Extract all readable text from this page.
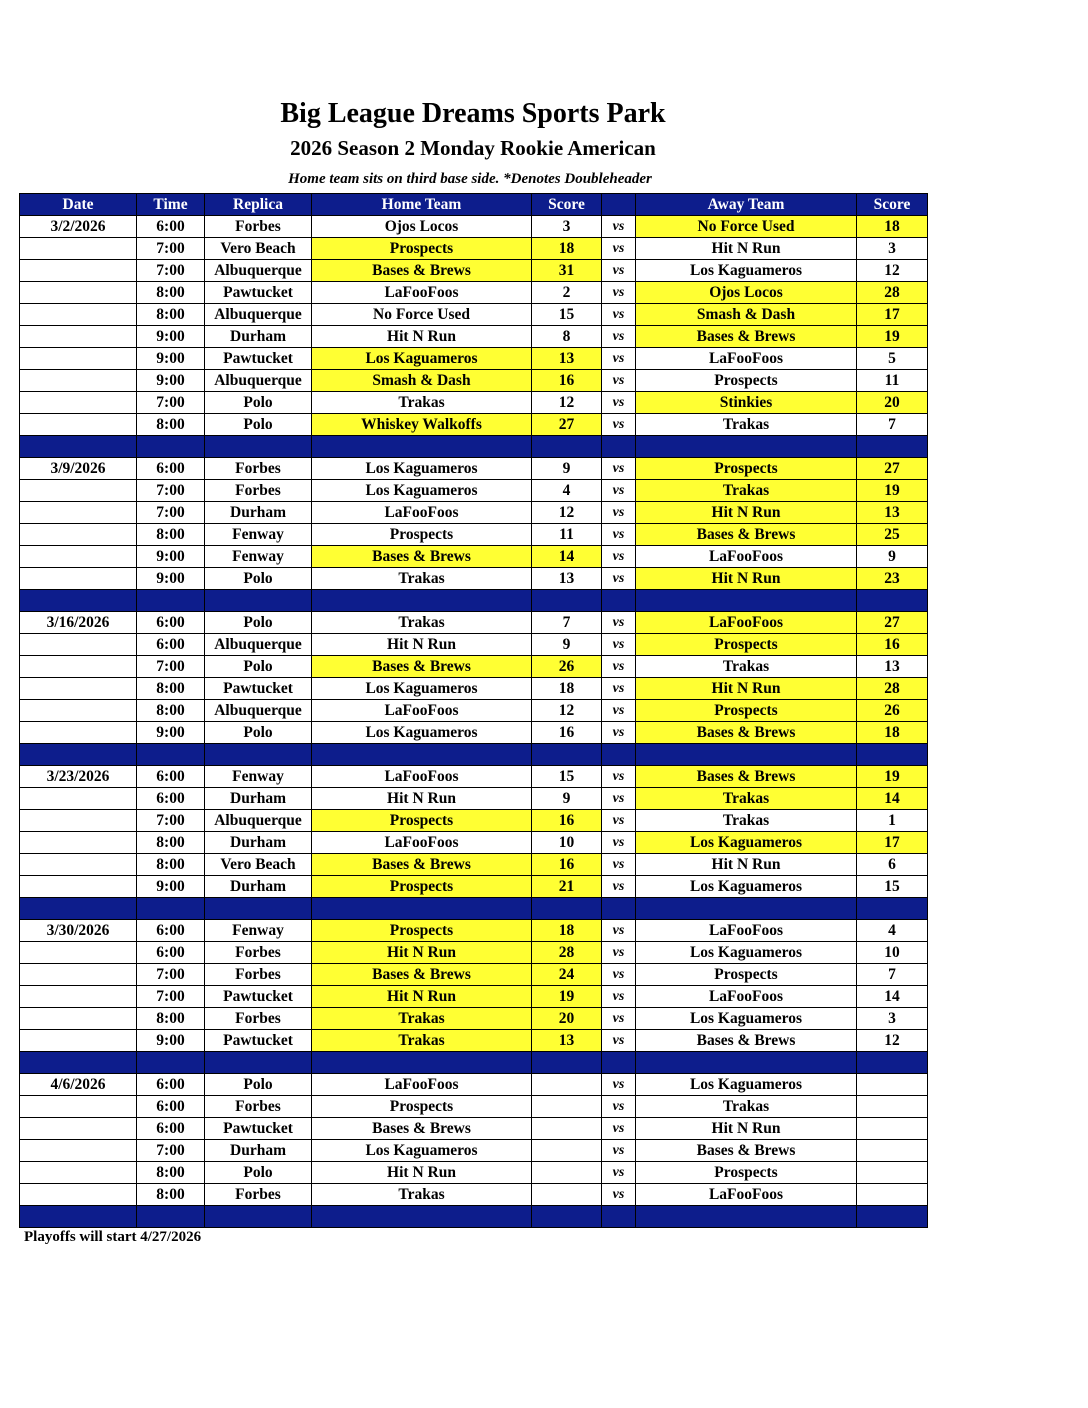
Big League Dreams Sports Park
2026 Season 2 Monday Rookie American
Home team sits on third base side. *Denotes Doubleheader
Date	Time	Replica	Home Team	Score		Away Team	Score
3/2/2026	6:00	Forbes	Ojos Locos	3	vs	No Force Used	18
	7:00	Vero Beach	Prospects	18	vs	Hit N Run	3
	7:00	Albuquerque	Bases & Brews	31	vs	Los Kaguameros	12
	8:00	Pawtucket	LaFooFoos	2	vs	Ojos Locos	28
	8:00	Albuquerque	No Force Used	15	vs	Smash & Dash	17
	9:00	Durham	Hit N Run	8	vs	Bases & Brews	19
	9:00	Pawtucket	Los Kaguameros	13	vs	LaFooFoos	5
	9:00	Albuquerque	Smash & Dash	16	vs	Prospects	11
	7:00	Polo	Trakas	12	vs	Stinkies	20
	8:00	Polo	Whiskey Walkoffs	27	vs	Trakas	7

3/9/2026	6:00	Forbes	Los Kaguameros	9	vs	Prospects	27
	7:00	Forbes	Los Kaguameros	4	vs	Trakas	19
	7:00	Durham	LaFooFoos	12	vs	Hit N Run	13
	8:00	Fenway	Prospects	11	vs	Bases & Brews	25
	9:00	Fenway	Bases & Brews	14	vs	LaFooFoos	9
	9:00	Polo	Trakas	13	vs	Hit N Run	23

3/16/2026	6:00	Polo	Trakas	7	vs	LaFooFoos	27
	6:00	Albuquerque	Hit N Run	9	vs	Prospects	16
	7:00	Polo	Bases & Brews	26	vs	Trakas	13
	8:00	Pawtucket	Los Kaguameros	18	vs	Hit N Run	28
	8:00	Albuquerque	LaFooFoos	12	vs	Prospects	26
	9:00	Polo	Los Kaguameros	16	vs	Bases & Brews	18

3/23/2026	6:00	Fenway	LaFooFoos	15	vs	Bases & Brews	19
	6:00	Durham	Hit N Run	9	vs	Trakas	14
	7:00	Albuquerque	Prospects	16	vs	Trakas	1
	8:00	Durham	LaFooFoos	10	vs	Los Kaguameros	17
	8:00	Vero Beach	Bases & Brews	16	vs	Hit N Run	6
	9:00	Durham	Prospects	21	vs	Los Kaguameros	15

3/30/2026	6:00	Fenway	Prospects	18	vs	LaFooFoos	4
	6:00	Forbes	Hit N Run	28	vs	Los Kaguameros	10
	7:00	Forbes	Bases & Brews	24	vs	Prospects	7
	7:00	Pawtucket	Hit N Run	19	vs	LaFooFoos	14
	8:00	Forbes	Trakas	20	vs	Los Kaguameros	3
	9:00	Pawtucket	Trakas	13	vs	Bases & Brews	12

4/6/2026	6:00	Polo	LaFooFoos		vs	Los Kaguameros	
	6:00	Forbes	Prospects		vs	Trakas	
	6:00	Pawtucket	Bases & Brews		vs	Hit N Run	
	7:00	Durham	Los Kaguameros		vs	Bases & Brews	
	8:00	Polo	Hit N Run		vs	Prospects	
	8:00	Forbes	Trakas		vs	LaFooFoos	

Playoffs will start 4/27/2026
